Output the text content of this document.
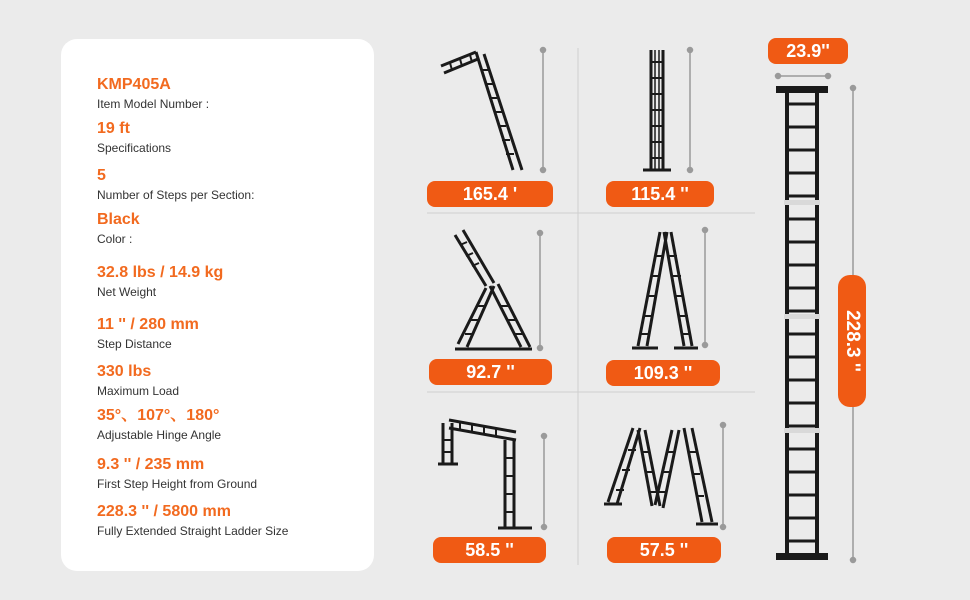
KMP405A
Item Model Number :
19 ft
Specifications
5
Number of Steps per Section:
Black
Color :
32.8 lbs / 14.9 kg
Net Weight
11 '' / 280 mm
Step Distance
330 lbs
Maximum Load
35°、107°、180°
Adjustable Hinge Angle
9.3 '' / 235 mm
First Step Height from Ground
228.3 '' / 5800 mm
Fully Extended Straight Ladder Size
165.4 '	115.4 ''
92.7 ''	109.3 ''
58.5 ''	57.5 ''
23.9''
228.3 ''
